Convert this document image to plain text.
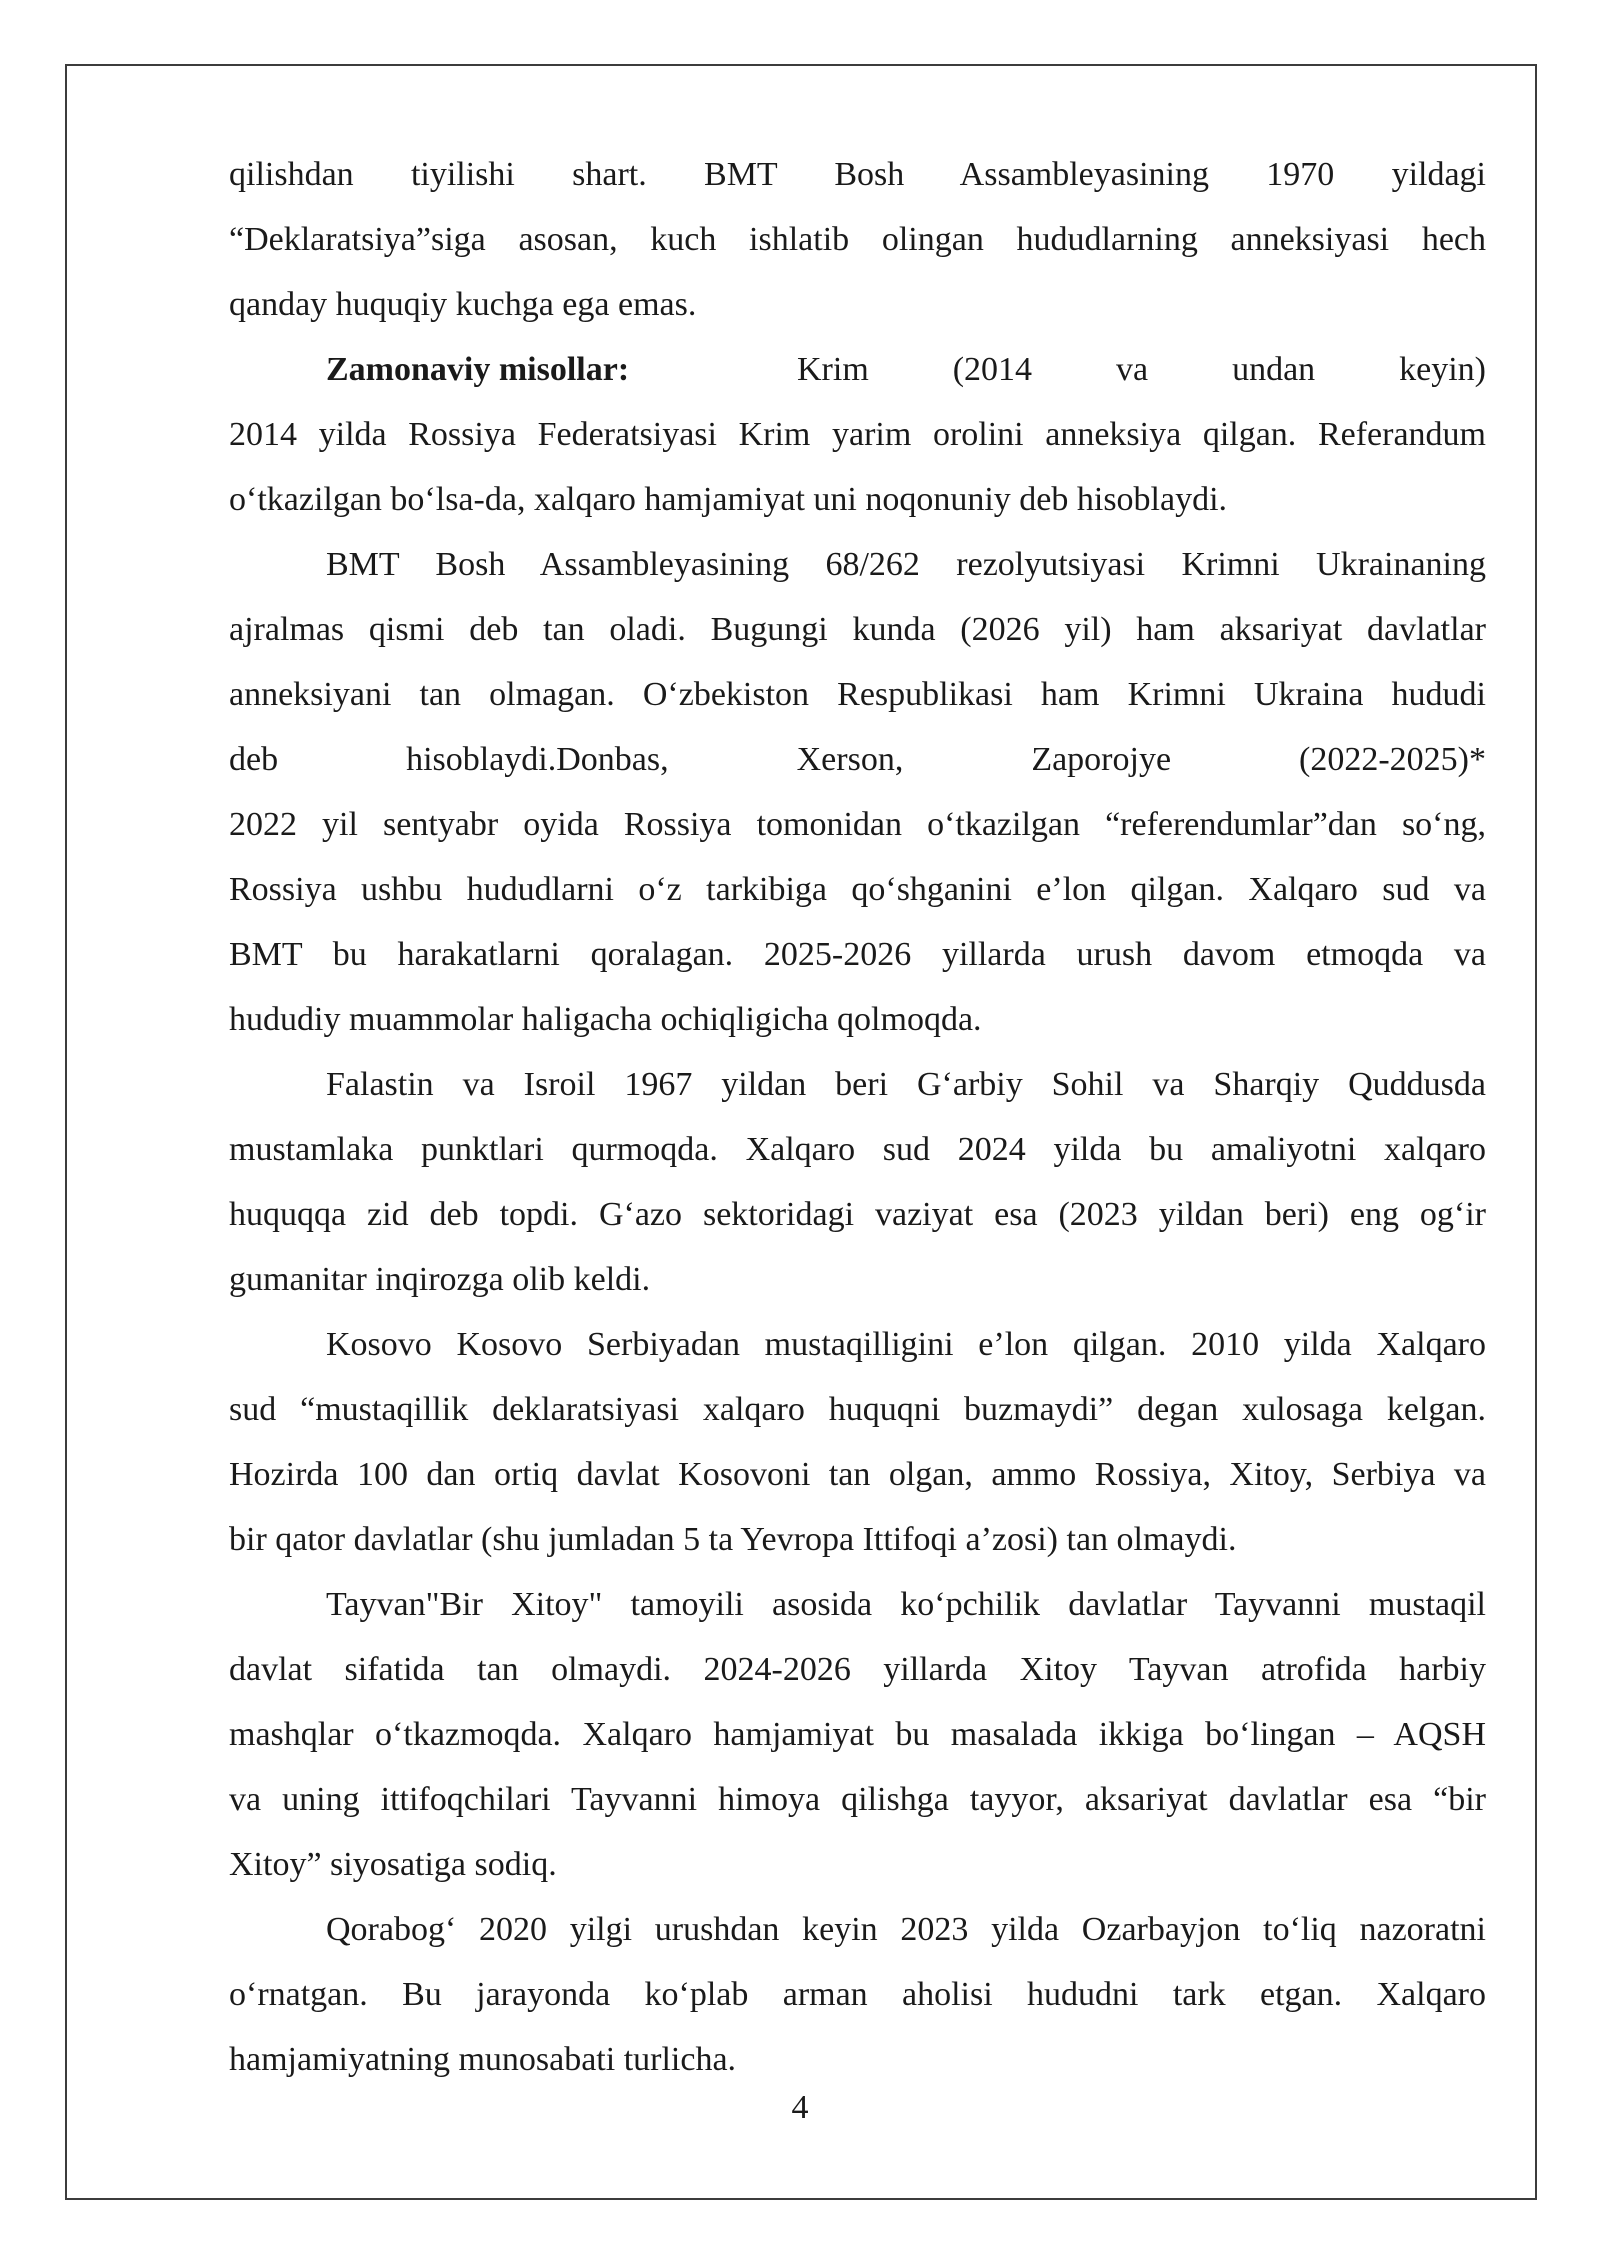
qilishdan tiyilishi shart. BMT Bosh Assambleyasining 1970 yildagi

“Deklaratsiya”siga asosan, kuch ishlatib olingan hududlarning anneksiyasi hech

qanday huquqiy kuchga ega emas.

Zamonaviy misollar:	Krim (2014 va undan keyin)

2014 yilda Rossiya Federatsiyasi Krim yarim orolini anneksiya qilgan. Referandum

oʻtkazilgan boʻlsa-da, xalqaro hamjamiyat uni noqonuniy deb hisoblaydi.

BMT Bosh Assambleyasining 68/262 rezolyutsiyasi Krimni Ukrainaning

ajralmas qismi deb tan oladi. Bugungi kunda (2026 yil) ham aksariyat davlatlar

anneksiyani tan olmagan. Oʻzbekiston Respublikasi ham Krimni Ukraina hududi

deb hisoblaydi.Donbas, Xerson, Zaporojye (2022-2025)*

2022 yil sentyabr oyida Rossiya tomonidan oʻtkazilgan “referendumlar”dan soʻng,

Rossiya ushbu hududlarni oʻz tarkibiga qoʻshganini e’lon qilgan. Xalqaro sud va

BMT bu harakatlarni qoralagan. 2025-2026 yillarda urush davom etmoqda va

hududiy muammolar haligacha ochiqligicha qolmoqda.

Falastin va Isroil 1967 yildan beri Gʻarbiy Sohil va Sharqiy Quddusda

mustamlaka punktlari qurmoqda. Xalqaro sud 2024 yilda bu amaliyotni xalqaro

huquqqa zid deb topdi. Gʻazo sektoridagi vaziyat esa (2023 yildan beri) eng ogʻir

gumanitar inqirozga olib keldi.

Kosovo Kosovo Serbiyadan mustaqilligini e’lon qilgan. 2010 yilda Xalqaro

sud “mustaqillik deklaratsiyasi xalqaro huquqni buzmaydi” degan xulosaga kelgan.

Hozirda 100 dan ortiq davlat Kosovoni tan olgan, ammo Rossiya, Xitoy, Serbiya va

bir qator davlatlar (shu jumladan 5 ta Yevropa Ittifoqi a’zosi) tan olmaydi.

Tayvan"Bir Xitoy" tamoyili asosida koʻpchilik davlatlar Tayvanni mustaqil

davlat sifatida tan olmaydi. 2024-2026 yillarda Xitoy Tayvan atrofida harbiy

mashqlar oʻtkazmoqda. Xalqaro hamjamiyat bu masalada ikkiga boʻlingan – AQSH

va uning ittifoqchilari Tayvanni himoya qilishga tayyor, aksariyat davlatlar esa “bir

Xitoy” siyosatiga sodiq.

Qorabogʻ 2020 yilgi urushdan keyin 2023 yilda Ozarbayjon toʻliq nazoratni

oʻrnatgan. Bu jarayonda koʻplab arman aholisi hududni tark etgan. Xalqaro

hamjamiyatning munosabati turlicha.

4
